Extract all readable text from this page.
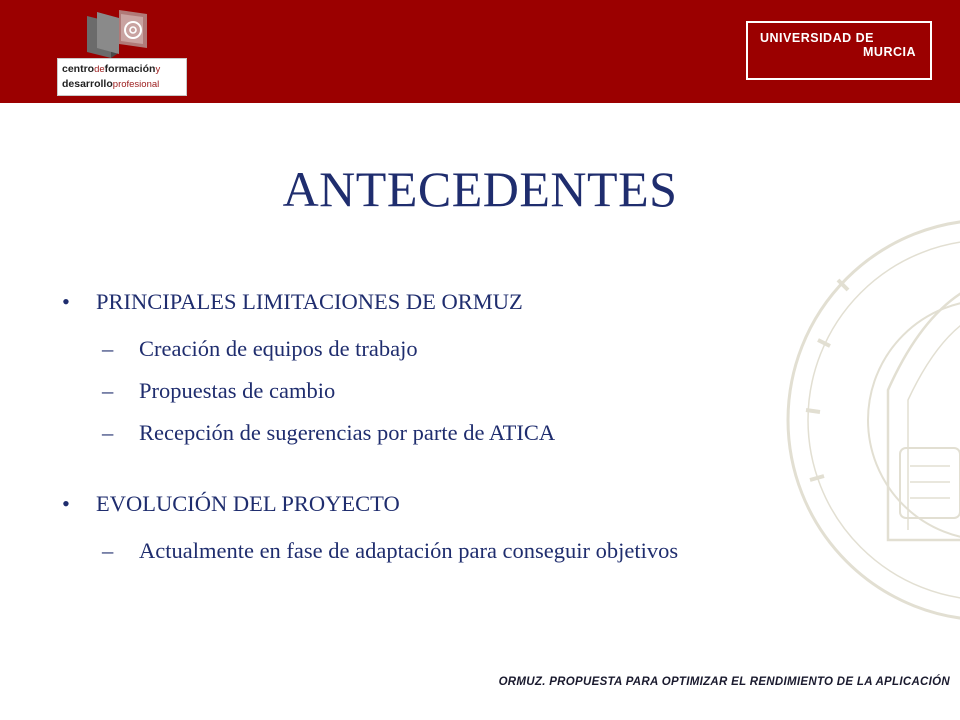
centrodeformacióny
desarrolloprofesional
UNIVERSIDAD DE
MURCIA
ANTECEDENTES
• PRINCIPALES LIMITACIONES DE ORMUZ
– Creación de equipos de trabajo
– Propuestas de cambio
– Recepción de sugerencias por parte de ATICA
• EVOLUCIÓN DEL PROYECTO
– Actualmente en fase de adaptación para conseguir objetivos
ORMUZ. PROPUESTA PARA OPTIMIZAR EL RENDIMIENTO DE LA APLICACIÓN
